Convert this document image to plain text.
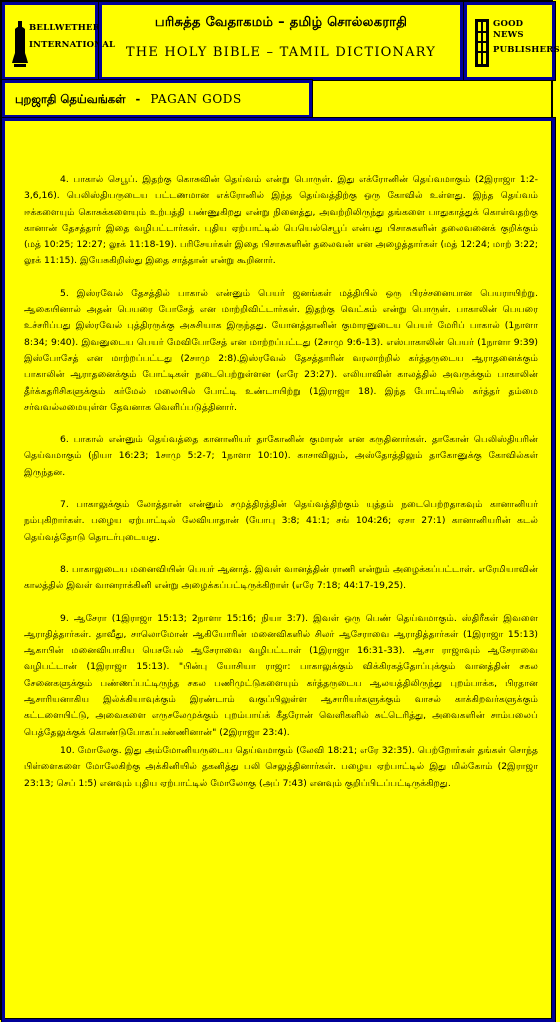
BELLWETHER
INTERNATIONAL
பரிசுத்த வேதாகமம் – தமிழ் சொல்லகராதி
THE HOLY BIBLE – TAMIL DICTIONARY
GOOD NEWS
PUBLISHERS
புறஜாதி தெய்வங்கள் - PAGAN GODS

4. பாகால் செபூப். இதற்கு கொசுவின் தெய்வம் என்று பொருள். இது எக்ரோனின் தெய்வமாகும் (2இராஜா 1:2-3,6,16). பெலிஸ்தியருடைய பட்டணமான எக்ரோனில் இந்த தெய்வத்திற்கு ஒரு கோவில் உள்ளது. இந்த தெய்வம் ஈக்களையும் கொசுக்களையும் உற்பத்தி பண்ணுகிறது என்று நினைத்து, அவற்றிலிருந்து தங்களை பாதுகாத்துக் கொள்வதற்கு கானான் தேசத்தார் இதை வழிபட்டார்கள். புதிய ஏற்பாட்டில் பெயெல்செபூப் என்பது பிசாசுகளின் தலைவனைக் குறிக்கும் (மத் 10:25; 12:27; லூக் 11:18-19). பரிசேயர்கள் இதை பிசாசுகளின் தலைவன் என அழைத்தார்கள் (மத் 12:24; மாற் 3:22; லூக் 11:15). இயேசுகிறிஸ்து இதை சாத்தான் என்று கூறினார்.

5. இஸ்ரவேல் தேசத்தில் பாகால் என்னும் பெயர் ஜனங்கள் மத்தியில் ஒரு பிரச்சனையான பெயராயிற்று. ஆகையினால் அதன் பெயரை போசேத் என மாற்றிவிட்டார்கள். இதற்கு வெட்கம் என்று பொருள். பாகாலின் பெயரை உச்சரிப்பது இஸ்ரவேல் புத்திரருக்கு அசுசியாக இருந்தது. யோனத்தானின் குமாரனுடைய பெயர் மேரிப் பாகால் (1நாளா 8:34; 9:40). இவனுடைய பெயர் மேவிபோசேத் என மாற்றப்பட்டது (2சாமு 9:6-13). எஸ்பாகாலின் பெயர் (1நாளா 9:39) இஸ்போசேத் என மாற்றப்பட்டது (2சாமு 2:8).இஸ்ரவேல் தேசத்தாரின் வரலாற்றில் கர்த்தருடைய ஆராதனைக்கும் பாகாலின் ஆராதனைக்கும் போட்டிகள் நடைபெற்றுள்ளன (எரே 23:27). எலியாவின் காலத்தில் அவருக்கும் பாகாலின் தீர்க்கதரிசிகளுக்கும் கர்மேல் மலையில் போட்டி உண்டாயிற்று (1இராஜா 18). இந்த போட்டியில் கர்த்தர் தம்மை சர்வவல்லமையுள்ள தேவனாக வெளிப்படுத்தினார்.

6. பாகால் என்னும் தெய்வத்தை கானானியர் தாகோனின் குமாரன் என கருதினார்கள். தாகோன் பெலிஸ்தியரின் தெய்வமாகும் (நியா 16:23; 1சாமு 5:2-7; 1நாளா 10:10). காசாவிலும், அஸ்தோத்திலும் தாகோனுக்கு கோவில்கள் இருந்தன.

7. பாகாலுக்கும் லோத்தான் என்னும் சமுத்திரத்தின் தெய்வத்திற்கும் யுத்தம் நடைபெற்றதாகவும் கானானியர் நம்புகிறார்கள். பழைய ஏற்பாட்டில் லேவியாதான் (யோபு 3:8; 41:1; சங் 104:26; ஏசா 27:1) கானானியரின் கடல் தெய்வத்தோடு தொடர்புடையது.

8. பாகாலுடைய மனைவியின் பெயர் ஆனாத். இவள் வானத்தின் ராணி என்றும் அழைக்கப்பட்டாள். எரேமியாவின் காலத்தில் இவள் வானராக்கினி என்று அழைக்கப்பட்டிருக்கிறாள் (எரே 7:18; 44:17-19,25).

9. ஆசேரா (1இராஜா 15:13; 2நாளா 15:16; நியா 3:7). இவள் ஒரு பெண் தெய்வமாகும். ஸ்திரீகள் இவளை ஆராதித்தார்கள். தாவீது, சாலொமோன் ஆகியோரின் மனைவிகளில் சிலர் ஆசேராவை ஆராதித்தார்கள் (1இராஜா 15:13) ஆகாபின் மனைவியாகிய யெசபேல் ஆசேராவை வழிபட்டாள் (1இராஜா 16:31-33). ஆசா ராஜாவும் ஆசேராவை வழிபட்டான் (1இராஜா 15:13). "பின்பு யோசியா ராஜா: பாகாலுக்கும் விக்கிரகத்தோப்புக்கும் வானத்தின் சகல சேனைகளுக்கும் பண்ணப்பட்டிருந்த சகல பணிமுட்டுகளையும் கர்த்தருடைய ஆலயத்திலிருந்து புறம்பாக்க, பிரதான ஆசாரியனாகிய இல்க்கியாவுக்கும் இரண்டாம் வகுப்பிலுள்ள ஆசாரியர்களுக்கும் வாசல் காக்கிறவர்களுக்கும் கட்டளையிட்டு, அவைகளை எருசலேமுக்கும் புறம்பாய்க் கீதரோன் வெளிகளில் சுட்டெரித்து, அவைகளின் சாம்பலைப் பெத்தேலுக்குக் கொண்டுபோகப்பண்ணினான்" (2இராஜா 23:4).

10. மோலேகு. இது அம்மோனியருடைய தெய்வமாகும் (லேவி 18:21; எரே 32:35). பெற்றோர்கள் தங்கள் சொந்த பிள்ளைகளை மோலேகிற்கு அக்கினியில் தகனித்து பலி செலுத்தினார்கள். பழைய ஏற்பாட்டில் இது மில்கோம் (2இராஜா 23:13; செப் 1:5) எனவும் புதிய ஏற்பாட்டில் மோலோகு (அப் 7:43) எனவும் குறிப்பிடப்பட்டிருக்கிறது.
